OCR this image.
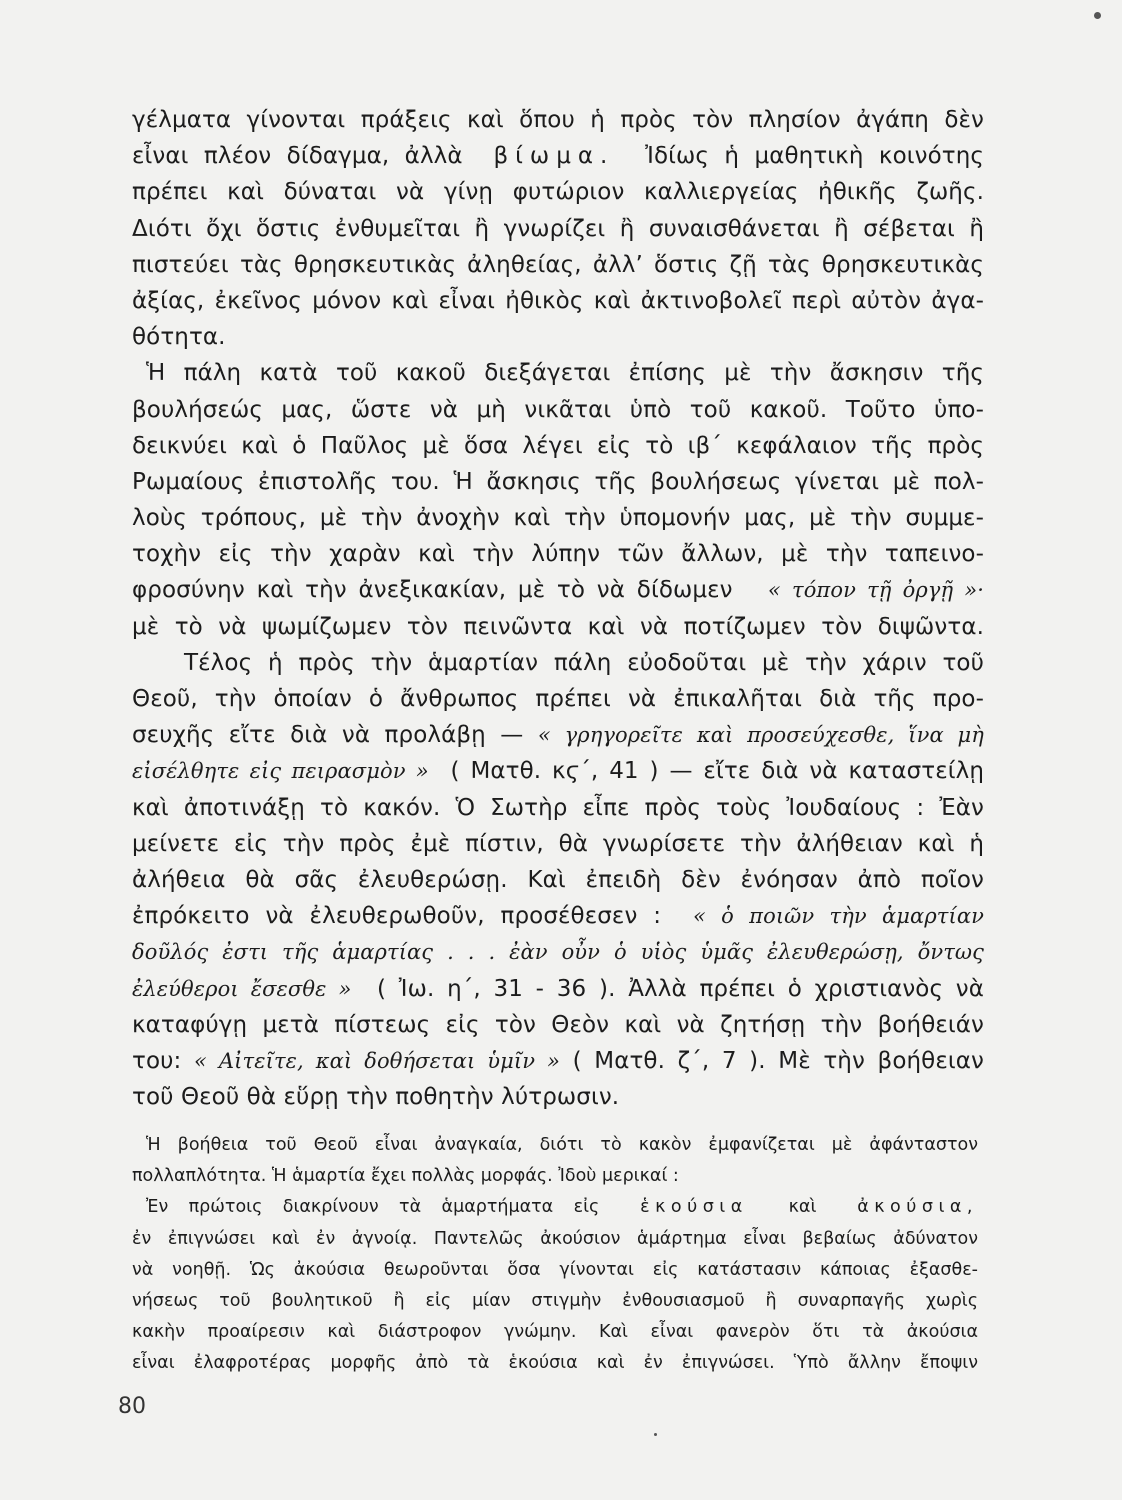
γέλματα γίνονται πράξεις καὶ ὅπου ἡ πρὸς τὸν πλησίον ἀγάπη δὲν
εἶναι πλέον δίδαγμα, ἀλλὰ βίωμα. Ἰδίως ἡ μαθητικὴ κοινότης
πρέπει καὶ δύναται νὰ γίνῃ φυτώριον καλλιεργείας ἠθικῆς ζωῆς.
Διότι ὄχι ὅστις ἐνθυμεῖται ἢ γνωρίζει ἢ συναισθάνεται ἢ σέβεται ἢ
πιστεύει τὰς θρησκευτικὰς ἀληθείας, ἀλλ’ ὅστις ζῇ τὰς θρησκευτικὰς
ἀξίας, ἐκεῖνος μόνον καὶ εἶναι ἠθικὸς καὶ ἀκτινοβολεῖ περὶ αὐτὸν ἀγα-
θότητα.
Ἡ πάλη κατὰ τοῦ κακοῦ διεξάγεται ἐπίσης μὲ τὴν ἄσκησιν τῆς
βουλήσεώς μας, ὥστε νὰ μὴ νικᾶται ὑπὸ τοῦ κακοῦ. Τοῦτο ὑπο-
δεικνύει καὶ ὁ Παῦλος μὲ ὅσα λέγει εἰς τὸ ιβ΄ κεφάλαιον τῆς πρὸς
Ρωμαίους ἐπιστολῆς του. Ἡ ἄσκησις τῆς βουλήσεως γίνεται μὲ πολ-
λοὺς τρόπους, μὲ τὴν ἀνοχὴν καὶ τὴν ὑπομονήν μας, μὲ τὴν συμμε-
τοχὴν εἰς τὴν χαρὰν καὶ τὴν λύπην τῶν ἄλλων, μὲ τὴν ταπεινο-
φροσύνην καὶ τὴν ἀνεξικακίαν, μὲ τὸ νὰ δίδωμεν « τόπον τῇ ὀργῇ »·
μὲ τὸ νὰ ψωμίζωμεν τὸν πεινῶντα καὶ νὰ ποτίζωμεν τὸν διψῶντα.
Τέλος ἡ πρὸς τὴν ἁμαρτίαν πάλη εὐοδοῦται μὲ τὴν χάριν τοῦ
Θεοῦ, τὴν ὁποίαν ὁ ἄνθρωπος πρέπει νὰ ἐπικαλῆται διὰ τῆς προ-
σευχῆς εἴτε διὰ νὰ προλάβῃ — « γρηγορεῖτε καὶ προσεύχεσθε, ἵνα μὴ
εἰσέλθητε εἰς πειρασμὸν » ( Ματθ. κϛ΄, 41 ) — εἴτε διὰ νὰ καταστείλῃ
καὶ ἀποτινάξῃ τὸ κακόν. Ὁ Σωτὴρ εἶπε πρὸς τοὺς Ἰουδαίους : Ἐὰν
μείνετε εἰς τὴν πρὸς ἐμὲ πίστιν, θὰ γνωρίσετε τὴν ἀλήθειαν καὶ ἡ
ἀλήθεια θὰ σᾶς ἐλευθερώσῃ. Καὶ ἐπειδὴ δὲν ἐνόησαν ἀπὸ ποῖον
ἐπρόκειτο νὰ ἐλευθερωθοῦν, προσέθεσεν : « ὁ ποιῶν τὴν ἁμαρτίαν
δοῦλός ἐστι τῆς ἁμαρτίας . . . ἐὰν οὖν ὁ υἱὸς ὑμᾶς ἐλευθερώσῃ, ὄντως
ἐλεύθεροι ἔσεσθε » ( Ἰω. η΄, 31 - 36 ). Ἀλλὰ πρέπει ὁ χριστιανὸς νὰ
καταφύγῃ μετὰ πίστεως εἰς τὸν Θεὸν καὶ νὰ ζητήσῃ τὴν βοήθειάν
του: « Αἰτεῖτε, καὶ δοθήσεται ὑμῖν » ( Ματθ. ζ΄, 7 ). Μὲ τὴν βοήθειαν
τοῦ Θεοῦ θὰ εὕρῃ τὴν ποθητὴν λύτρωσιν.
Ἡ βοήθεια τοῦ Θεοῦ εἶναι ἀναγκαία, διότι τὸ κακὸν ἐμφανίζεται μὲ ἀφάνταστον
πολλαπλότητα. Ἡ ἁμαρτία ἔχει πολλὰς μορφάς. Ἰδοὺ μερικαί :
Ἐν πρώτοις διακρίνουν τὰ ἁμαρτήματα εἰς ἑκούσια καὶ ἀκούσια,
ἐν ἐπιγνώσει καὶ ἐν ἀγνοίᾳ. Παντελῶς ἀκούσιον ἁμάρτημα εἶναι βεβαίως ἀδύνατον
νὰ νοηθῇ. Ὡς ἀκούσια θεωροῦνται ὅσα γίνονται εἰς κατάστασιν κάποιας ἐξασθε-
νήσεως τοῦ βουλητικοῦ ἢ εἰς μίαν στιγμὴν ἐνθουσιασμοῦ ἢ συναρπαγῆς χωρὶς
κακὴν προαίρεσιν καὶ διάστροφον γνώμην. Καὶ εἶναι φανερὸν ὅτι τὰ ἀκούσια
εἶναι ἐλαφροτέρας μορφῆς ἀπὸ τὰ ἑκούσια καὶ ἐν ἐπιγνώσει. Ὑπὸ ἄλλην ἔποψιν
80
